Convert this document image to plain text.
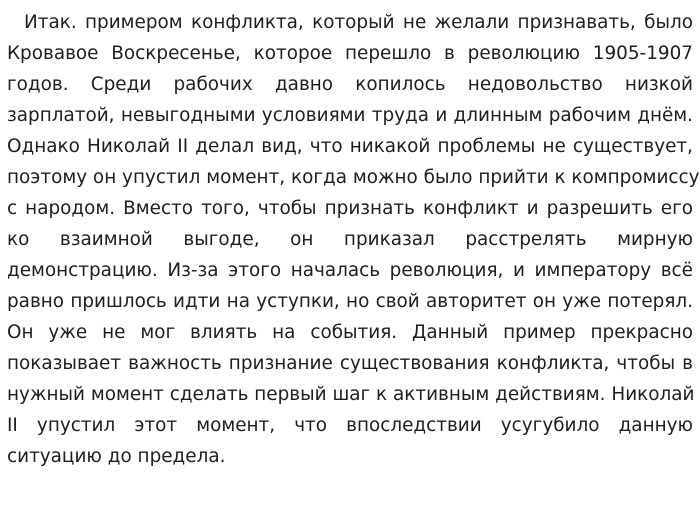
Итак. примером конфликта, который не желали признавать, было
Кровавое Воскресенье, которое перешло в революцию 1905-1907
годов. Среди рабочих давно копилось недовольство низкой
зарплатой, невыгодными условиями труда и длинным рабочим днём.
Однако Николай II делал вид, что никакой проблемы не существует,
поэтому он упустил момент, когда можно было прийти к компромиссу
с народом. Вместо того, чтобы признать конфликт и разрешить его
ко взаимной выгоде, он приказал расстрелять мирную
демонстрацию. Из-за этого началась революция, и императору всё
равно пришлось идти на уступки, но свой авторитет он уже потерял.
Он уже не мог влиять на события. Данный пример прекрасно
показывает важность признание существования конфликта, чтобы в
нужный момент сделать первый шаг к активным действиям. Николай
II упустил этот момент, что впоследствии усугубило данную
ситуацию до предела.
